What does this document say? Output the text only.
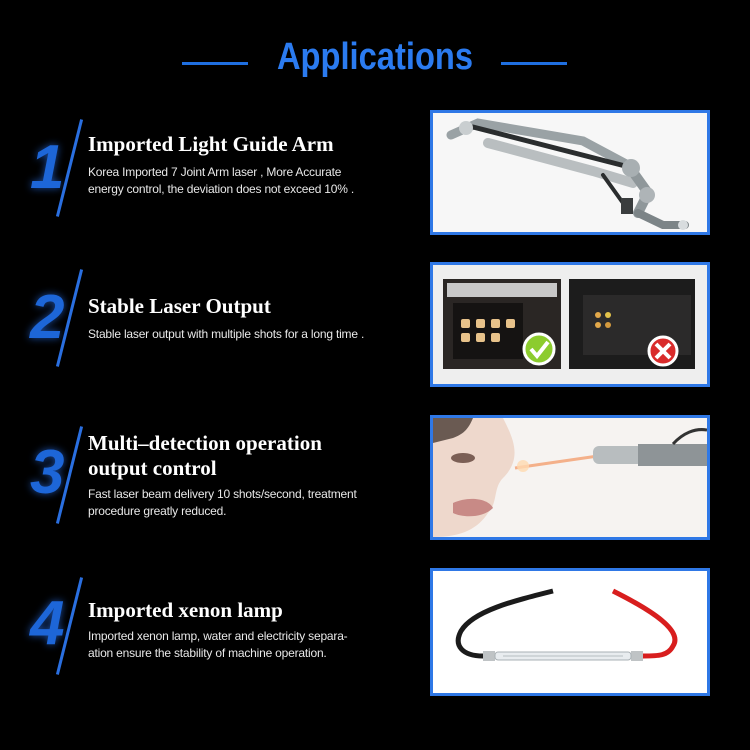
Applications
1	Imported Light Guide Arm
Korea Imported 7 Joint Arm laser , More Accurate
energy control, the deviation does not exceed 10% .
2	Stable Laser Output
Stable laser output with multiple shots for a long time .
3	Multi–detection operation
output control
Fast laser beam delivery 10 shots/second, treatment
procedure greatly reduced.
4	Imported xenon lamp
Imported xenon lamp, water and electricity separa-
ation ensure the stability of machine operation.
